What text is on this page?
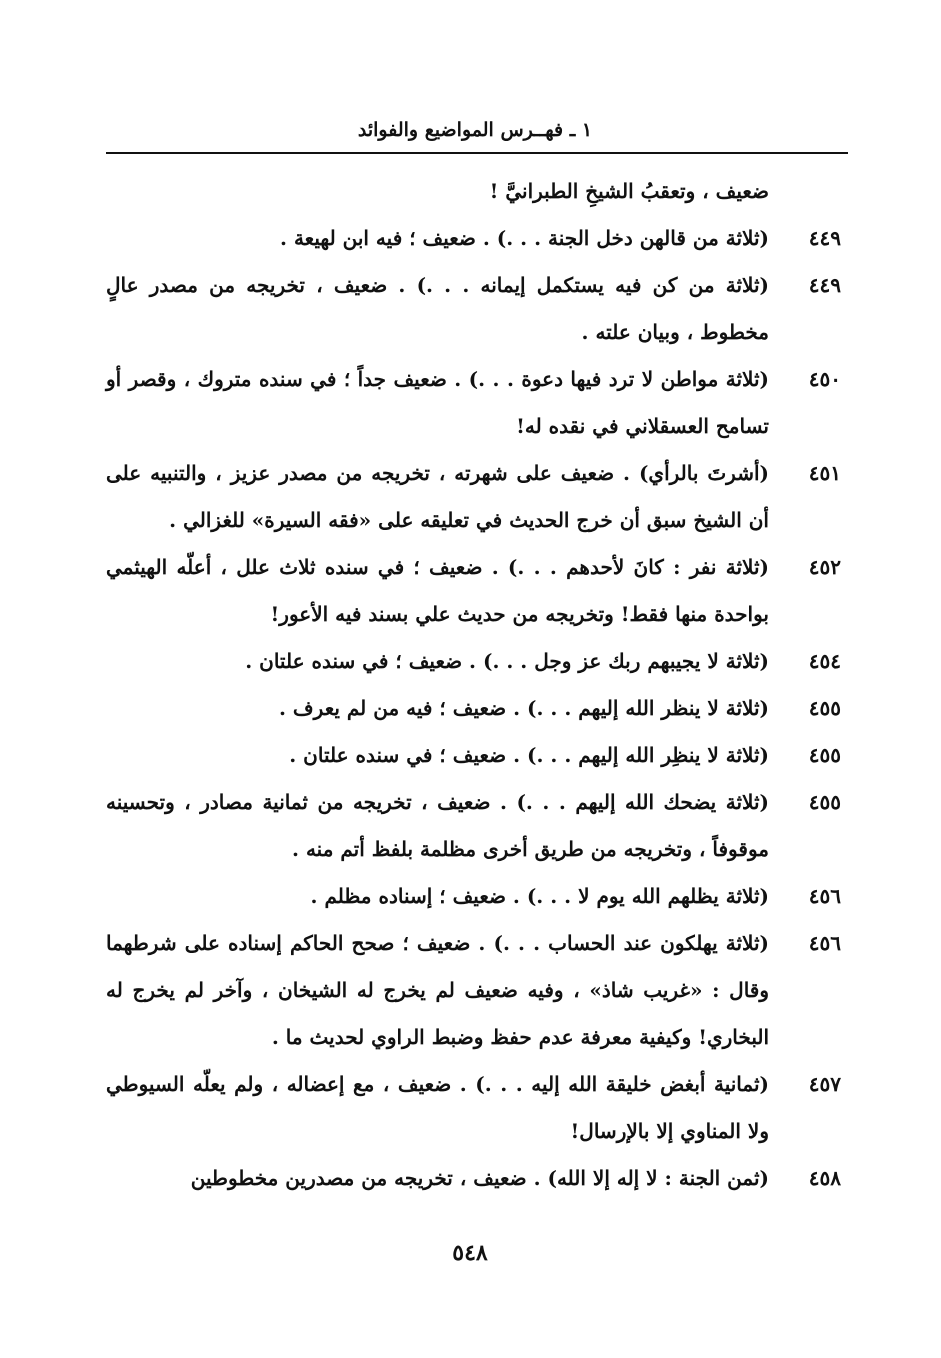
١ ـ فهــرس المواضيع والفوائد
ضعيف ، وتعقبُ الشيخِ الطبرانيَّ !
٤٤٩
(ثلاثة من قالهن دخل الجنة . . .) . ضعيف ؛ فيه ابن لهيعة .
٤٤٩
(ثلاثة من كن فيه يستكمل إيمانه . . .) . ضعيف ، تخريجه من مصدر عالٍ مخطوط ، وبيان علته .
٤٥٠
(ثلاثة مواطن لا ترد فيها دعوة . . .) . ضعيف جداً ؛ في سنده متروك ، وقصر أو تسامح العسقلاني في نقده له!
٤٥١
(أشرتَ بالرأي) . ضعيف على شهرته ، تخريجه من مصدر عزيز ، والتنبيه على أن الشيخ سبق أن خرج الحديث في تعليقه على «فقه السيرة» للغزالي .
٤٥٢
(ثلاثة نفر : كانَ لأحدهم . . .) . ضعيف ؛ في سنده ثلاث علل ، أعلّه الهيثمي بواحدة منها فقط! وتخريجه من حديث علي بسند فيه الأعور!
٤٥٤
(ثلاثة لا يجيبهم ربك عز وجل . . .) . ضعيف ؛ في سنده علتان .
٤٥٥
(ثلاثة لا ينظر الله إليهم . . .) . ضعيف ؛ فيه من لم يعرف .
٤٥٥
(ثلاثة لا ينظِر الله إليهم . . .) . ضعيف ؛ في سنده علتان .
٤٥٥
(ثلاثة يضحك الله إليهم . . .) . ضعيف ، تخريجه من ثمانية مصادر ، وتحسينه موقوفاً ، وتخريجه من طريق أخرى مظلمة بلفظ أتم منه .
٤٥٦
(ثلاثة يظلهم الله يوم لا . . .) . ضعيف ؛ إسناده مظلم .
٤٥٦
(ثلاثة يهلكون عند الحساب . . .) . ضعيف ؛ صحح الحاكم إسناده على شرطهما وقال : «غريب شاذ» ، وفيه ضعيف لم يخرج له الشيخان ، وآخر لم يخرج له البخاري! وكيفية معرفة عدم حفظ وضبط الراوي لحديث ما .
٤٥٧
(ثمانية أبغض خليقة الله إليه . . .) . ضعيف ، مع إعضاله ، ولم يعلّه السيوطي ولا المناوي إلا بالإرسال!
٤٥٨
(ثمن الجنة : لا إله إلا الله) . ضعيف ، تخريجه من مصدرين مخطوطين
٥٤٨
